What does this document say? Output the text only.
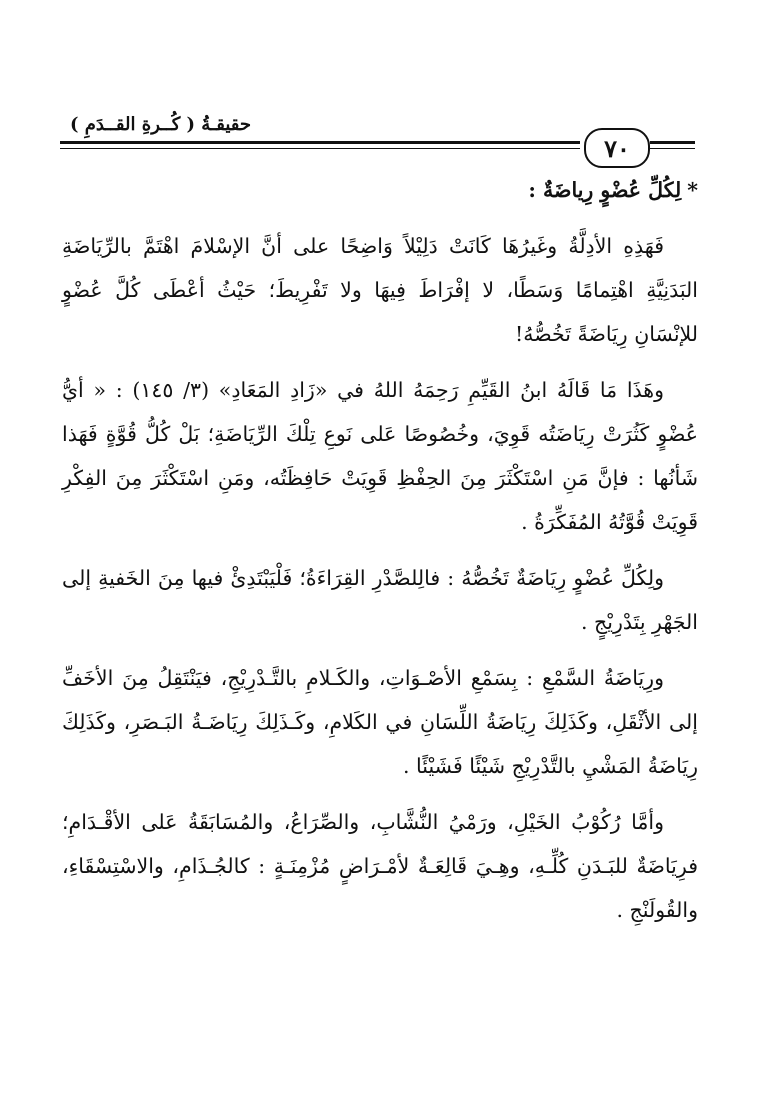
حقيقـةُ ( كُــرةِ القــدَمِ )
٧٠

*لِكُلِّ عُضْوٍ رِياضَةٌ :

فَهَذِهِ الأدِلَّةُ وغَيرُهَا كَانَتْ دَلِيْلاً وَاضِحًا على أنَّ الإسْلامَ اهْتَمَّ بالرِّيَاضَةِ البَدَنِيَّةِ اهْتِمامًا وَسَطًا، لا إفْرَاطَ فِيهَا ولا تَفْرِيطَ؛ حَيْثُ أعْطَى كُلَّ عُضْوٍ للإنْسَانِ رِيَاضَةً تَخُصُّهُ!

وهَذَا مَا قَالَهُ ابنُ القَيِّمِ رَحِمَهُ اللهُ في «زَادِ المَعَادِ» (٣/ ١٤٥) : « أيُّ عُضْوٍ كَثُرَتْ رِيَاضَتُه قَوِيَ، وخُصُوصًا عَلى نَوعِ تِلْكَ الرِّيَاضَةِ؛ بَلْ كُلُّ قُوَّةٍ فَهَذا شَأنُها : فإنَّ مَنِ اسْتَكْثَرَ مِنَ الحِفْظِ قَوِيَتْ حَافِظَتُه، ومَنِ اسْتَكْثَرَ مِنَ الفِكْرِ قَوِيَتْ قُوَّتُهُ المُفَكِّرَةُ .

ولِكُلِّ عُضْوٍ رِيَاضَةٌ تَخُصُّهُ : فالِلصَّدْرِ القِرَاءَةُ؛ فَلْيَبْتَدِئْ فيها مِنَ الخَفيةِ إلى الجَهْرِ بِتَدْرِيْجٍ .

ورِيَاضَةُ السَّمْعِ : بِسَمْعِ الأصْـوَاتِ، والكَـلامِ بالتَّـدْرِيْجِ، فيَنْتَقِلُ مِنَ الأخَفِّ إلى الأثْقَلِ، وكَذَلِكَ رِيَاضَةُ اللِّسَانِ في الكَلامِ، وكَـذَلِكَ رِيَاضَـةُ البَـصَرِ، وكَذَلِكَ رِيَاضَةُ المَشْيِ بالتَّدْرِيْجِ شَيْئًا فَشَيْئًا .

وأمَّا رُكُوْبُ الخَيْلِ، ورَمْيُ النُّشَّابِ، والصِّرَاعُ، والمُسَابَقَةُ عَلى الأقْـدَامِ؛ فرِيَاضَةٌ للبَـدَنِ كُلِّـهِ، وهِـيَ قَالِعَـةٌ لأمْـرَاضٍ مُزْمِنَـةٍ : كالجُـذَامِ، والاسْتِسْقَاءِ، والقُولَنْجِ .
